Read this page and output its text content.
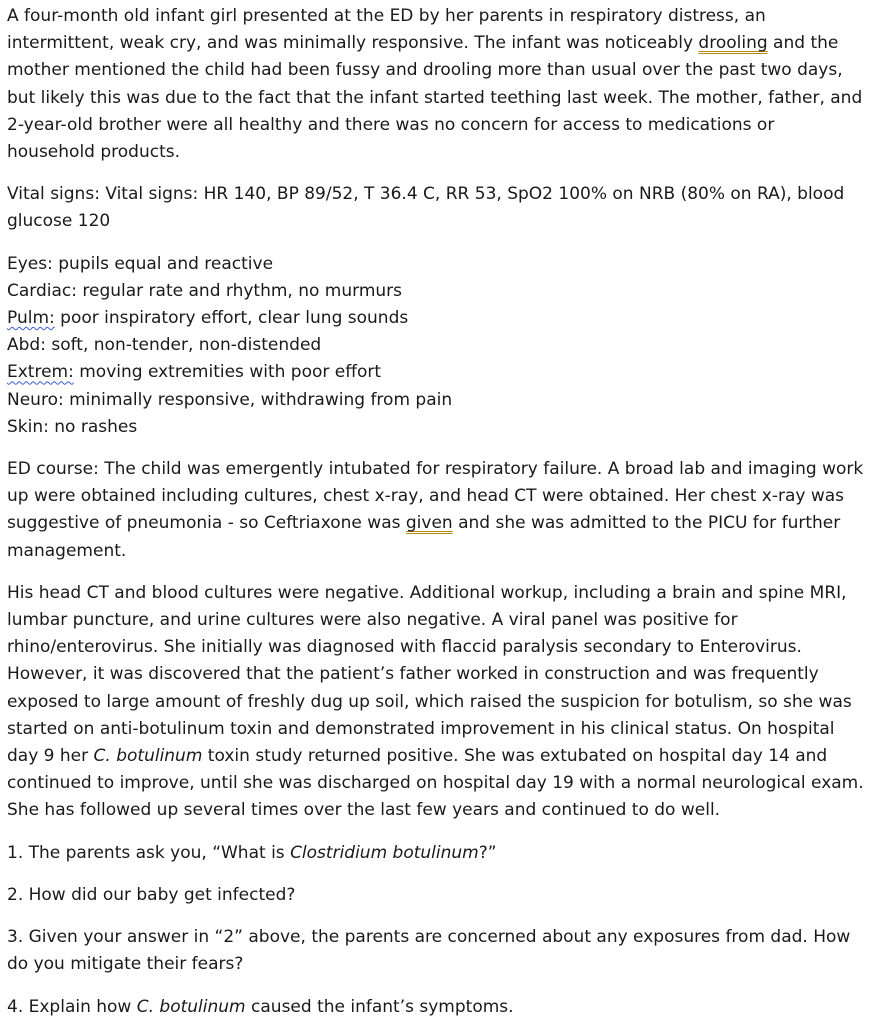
A four-month old infant girl presented at the ED by her parents in respiratory distress, an intermittent, weak cry, and was minimally responsive. The infant was noticeably drooling and the mother mentioned the child had been fussy and drooling more than usual over the past two days, but likely this was due to the fact that the infant started teething last week. The mother, father, and 2-year-old brother were all healthy and there was no concern for access to medications or household products.

Vital signs: Vital signs: HR 140, BP 89/52, T 36.4 C, RR 53, SpO2 100% on NRB (80% on RA), blood glucose 120

Eyes: pupils equal and reactive
Cardiac: regular rate and rhythm, no murmurs
Pulm: poor inspiratory effort, clear lung sounds
Abd: soft, non-tender, non-distended
Extrem: moving extremities with poor effort
Neuro: minimally responsive, withdrawing from pain
Skin: no rashes

ED course: The child was emergently intubated for respiratory failure. A broad lab and imaging work up were obtained including cultures, chest x-ray, and head CT were obtained. Her chest x-ray was suggestive of pneumonia - so Ceftriaxone was given and she was admitted to the PICU for further management.

His head CT and blood cultures were negative. Additional workup, including a brain and spine MRI, lumbar puncture, and urine cultures were also negative. A viral panel was positive for rhino/enterovirus. She initially was diagnosed with flaccid paralysis secondary to Enterovirus. However, it was discovered that the patient’s father worked in construction and was frequently exposed to large amount of freshly dug up soil, which raised the suspicion for botulism, so she was started on anti-botulinum toxin and demonstrated improvement in his clinical status. On hospital day 9 her C. botulinum toxin study returned positive. She was extubated on hospital day 14 and continued to improve, until she was discharged on hospital day 19 with a normal neurological exam. She has followed up several times over the last few years and continued to do well.

1. The parents ask you, “What is Clostridium botulinum?”

2. How did our baby get infected?

3. Given your answer in “2” above, the parents are concerned about any exposures from dad. How do you mitigate their fears?

4. Explain how C. botulinum caused the infant’s symptoms.
